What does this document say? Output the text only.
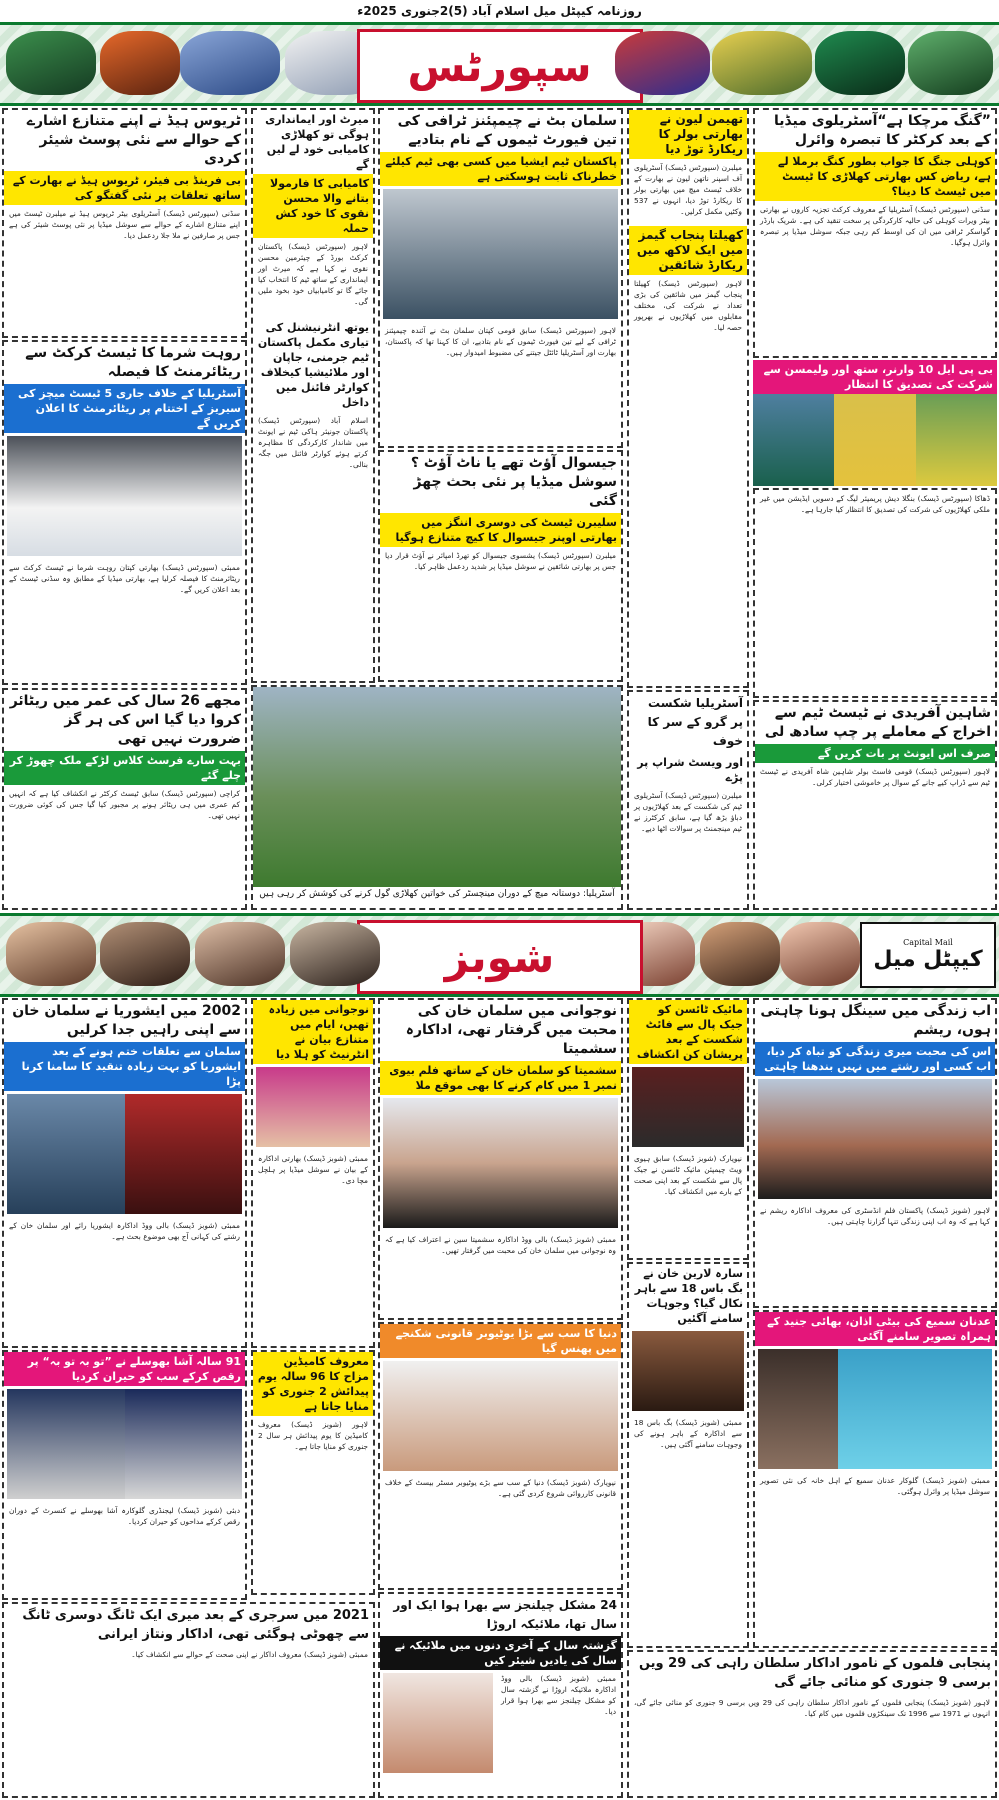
روزنامہ کیپٹل میل اسلام آباد (5)2جنوری 2025ء
سپورٹس
”گنگ مرچکا ہے“آسٹریلوی میڈیا کے بعد کرکٹر کا تبصرہ وائرل
کوہلی جنگ کا جواب بطور کنگ برملا لے ہے، ریاض کس بھارتی کھلاڑی کا ٹیسٹ میں ٹیسٹ کا دینا؟
سڈنی (سپورٹس ڈیسک) آسٹریلیا کے معروف کرکٹ تجزیہ کاروں نے بھارتی بیٹر ویرات کوہلی کی حالیہ کارکردگی پر سخت تنقید کی ہے۔ شریک بارڈر گواسکر ٹرافی میں ان کی اوسط کم رہی جبکہ سوشل میڈیا پر تبصرہ وائرل ہوگیا۔
بی پی ایل 10 وارنر، ستھ اور ولیمسن سے شرکت کی تصدیق کا انتظار
ڈھاکا (سپورٹس ڈیسک) بنگلا دیش پریمیئر لیگ کے دسویں ایڈیشن میں غیر ملکی کھلاڑیوں کی شرکت کی تصدیق کا انتظار کیا جارہا ہے۔
شاہین آفریدی نے ٹیسٹ ٹیم سے اخراج کے معاملے پر چپ سادھ لی
صرف اس ایونٹ پر بات کریں گے
لاہور (سپورٹس ڈیسک) قومی فاسٹ بولر شاہین شاہ آفریدی نے ٹیسٹ ٹیم سے ڈراپ کیے جانے کے سوال پر خاموشی اختیار کرلی۔
تھیمن لیون نے بھارتی بولر کا ریکارڈ توڑ دیا
میلبرن (سپورٹس ڈیسک) آسٹریلوی آف اسپنر ناتھن لیون نے بھارت کے خلاف ٹیسٹ میچ میں بھارتی بولر کا ریکارڈ توڑ دیا، انہوں نے 537 وکٹیں مکمل کرلیں۔
کھیلتا پنجاب گیمز میں ایک لاکھ میں ریکارڈ شائقین
لاہور (سپورٹس ڈیسک) کھیلتا پنجاب گیمز میں شائقین کی بڑی تعداد نے شرکت کی، مختلف مقابلوں میں کھلاڑیوں نے بھرپور حصہ لیا۔
آسٹریلیا شکست پر گرو کے سر کا خوف
اور ویسٹ شراپ پر پڑے
میلبرن (سپورٹس ڈیسک) آسٹریلوی ٹیم کی شکست کے بعد کھلاڑیوں پر دباؤ بڑھ گیا ہے، سابق کرکٹرز نے ٹیم مینجمنٹ پر سوالات اٹھا دیے۔
سلمان بٹ نے چیمپئنز ٹرافی کی تین فیورٹ ٹیموں کے نام بتادیے
پاکستان ٹیم ایشیا میں کسی بھی ٹیم کیلئے خطرناک ثابت ہوسکتی ہے
لاہور (سپورٹس ڈیسک) سابق قومی کپتان سلمان بٹ نے آئندہ چیمپئنز ٹرافی کے لیے تین فیورٹ ٹیموں کے نام بتادیے، ان کا کہنا تھا کہ پاکستان، بھارت اور آسٹریلیا ٹائٹل جیتنے کی مضبوط امیدوار ہیں۔
جیسوال آؤٹ تھے یا ناٹ آؤٹ ؟ سوشل میڈیا پر نئی بحث چھڑ گئی
سلیبرن ٹیسٹ کی دوسری اننگز میں بھارتی اوپنر جیسوال کا کیچ متنازع ہوگیا
میلبرن (سپورٹس ڈیسک) یشسوی جیسوال کو تھرڈ امپائر نے آؤٹ قرار دیا جس پر بھارتی شائقین نے سوشل میڈیا پر شدید ردعمل ظاہر کیا۔
میرٹ اور ایمانداری ہوگی تو کھلاڑی کامیابی خود لے لیں گے
کامیابی کا فارمولا بتانے والا محسن نقوی کا خود کش حملہ
لاہور (سپورٹس ڈیسک) پاکستان کرکٹ بورڈ کے چیئرمین محسن نقوی نے کہا ہے کہ میرٹ اور ایمانداری کے ساتھ ٹیم کا انتخاب کیا جائے گا تو کامیابیاں خود بخود ملیں گی۔
یوتھ انٹرنیشنل کی تیاری مکمل پاکستان ٹیم جرمنی، جاپان اور ملائیشیا کیخلاف کوارٹر فائنل میں داخل
اسلام آباد (سپورٹس ڈیسک) پاکستان جونیئر ہاکی ٹیم نے ایونٹ میں شاندار کارکردگی کا مظاہرہ کرتے ہوئے کوارٹر فائنل میں جگہ بنالی۔
ٹریوس ہیڈ نے اپنے متنازع اشارے کے حوالے سے نئی پوسٹ شیئر کردی
بی فرینڈ بی فیئر، ٹریوس ہیڈ نے بھارت کے ساتھ تعلقات پر نئی گفتگو کی
سڈنی (سپورٹس ڈیسک) آسٹریلوی بیٹر ٹریوس ہیڈ نے میلبرن ٹیسٹ میں اپنے متنازع اشارے کے حوالے سے سوشل میڈیا پر نئی پوسٹ شیئر کی ہے جس پر صارفین نے ملا جلا ردعمل دیا۔
روہت شرما کا ٹیسٹ کرکٹ سے ریٹائرمنٹ کا فیصلہ
آسٹریلیا کے خلاف جاری 5 ٹیسٹ میچز کی سیریز کے اختتام پر ریٹائرمنٹ کا اعلان کریں گے
ممبئی (سپورٹس ڈیسک) بھارتی کپتان روہت شرما نے ٹیسٹ کرکٹ سے ریٹائرمنٹ کا فیصلہ کرلیا ہے، بھارتی میڈیا کے مطابق وہ سڈنی ٹیسٹ کے بعد اعلان کریں گے۔
آسٹریلیا: دوستانہ میچ کے دوران مینچسٹر کی خواتین کھلاڑی گول کرنے کی کوشش کر رہی ہیں
مجھے 26 سال کی عمر میں ریٹائر کروا دیا گیا اس کی ہر گز ضرورت نہیں تھی
بہت سارے فرسٹ کلاس لڑکے ملک چھوڑ کر چلے گئے
کراچی (سپورٹس ڈیسک) سابق ٹیسٹ کرکٹر نے انکشاف کیا ہے کہ انہیں کم عمری میں ہی ریٹائر ہونے پر مجبور کیا گیا جس کی کوئی ضرورت نہیں تھی۔
Capital Mail
کیپٹل میل
شوبز
اب زندگی میں سینگل ہونا چاہتی ہوں، ریشم
اس کی محبت میری زندگی کو تباہ کر دیا، اب کسی اور رشتے میں نہیں بندھنا چاہتی
لاہور (شوبز ڈیسک) پاکستان فلم انڈسٹری کی معروف اداکارہ ریشم نے کہا ہے کہ وہ اب اپنی زندگی تنہا گزارنا چاہتی ہیں۔
عدنان سمیع کی بیٹی اذان، بھائی جنید کے ہمراہ تصویر سامنے آگئی
ممبئی (شوبز ڈیسک) گلوکار عدنان سمیع کے اہل خانہ کی نئی تصویر سوشل میڈیا پر وائرل ہوگئی۔
مائیک ٹائسن کو جیک پال سے فائٹ شکست کے بعد پریشان کن انکشاف
نیویارک (شوبز ڈیسک) سابق ہیوی ویٹ چیمپئن مائیک ٹائسن نے جیک پال سے شکست کے بعد اپنی صحت کے بارے میں انکشاف کیا۔
سارہ لارین خان نے بگ باس 18 سے باہر نکال گیا؟ وجوہات سامنے آگئیں
ممبئی (شوبز ڈیسک) بگ باس 18 سے اداکارہ کے باہر ہونے کی وجوہات سامنے آگئی ہیں۔
نوجوانی میں سلمان خان کی محبت میں گرفتار تھی، اداکارہ سشمیتا
سشمیتا کو سلمان خان کے ساتھ فلم بیوی نمبر 1 میں کام کرنے کا بھی موقع ملا
ممبئی (شوبز ڈیسک) بالی ووڈ اداکارہ سشمیتا سین نے اعتراف کیا ہے کہ وہ نوجوانی میں سلمان خان کی محبت میں گرفتار تھیں۔
دنیا کا سب سے بڑا یوٹیوبر قانونی شکنجے میں پھنس گیا
نیویارک (شوبز ڈیسک) دنیا کے سب سے بڑے یوٹیوبر مسٹر بیسٹ کے خلاف قانونی کارروائی شروع کردی گئی ہے۔
نوجوانی میں زیادہ تھیں، ایام میں متنازع بیان نے انٹرنیٹ کو ہلا دیا
ممبئی (شوبز ڈیسک) بھارتی اداکارہ کے بیان نے سوشل میڈیا پر ہلچل مچا دی۔
معروف کامیڈین مزاح کا 96 سالہ یوم پیدائش 2 جنوری کو منایا جاتا ہے
لاہور (شوبز ڈیسک) معروف کامیڈین کا یوم پیدائش ہر سال 2 جنوری کو منایا جاتا ہے۔
2002 میں ایشوریا نے سلمان خان سے اپنی راہیں جدا کرلیں
سلمان سے تعلقات ختم ہونے کے بعد ایشوریا کو بہت زیادہ تنقید کا سامنا کرنا پڑا
ممبئی (شوبز ڈیسک) بالی ووڈ اداکارہ ایشوریا رائے اور سلمان خان کے رشتے کی کہانی آج بھی موضوع بحث ہے۔
91 سالہ آشا بھوسلے نے ”تو بہ تو بہ“ پر رقص کرکے سب کو حیران کردیا
دبئی (شوبز ڈیسک) لیجنڈری گلوکارہ آشا بھوسلے نے کنسرٹ کے دوران رقص کرکے مداحوں کو حیران کردیا۔
24 مشکل چیلنجز سے بھرا ہوا ایک اور سال تھا، ملائیکہ اروڑا
گزشتہ سال کے آخری دنوں میں ملائیکہ نے سال کی یادیں شیئر کیں
ممبئی (شوبز ڈیسک) بالی ووڈ اداکارہ ملائیکہ اروڑا نے گزشتہ سال کو مشکل چیلنجز سے بھرا ہوا قرار دیا۔
2021 میں سرجری کے بعد میری ایک ٹانگ دوسری ٹانگ سے چھوٹی ہوگئی تھی، اداکار ونتاز ایرانی
ممبئی (شوبز ڈیسک) معروف اداکار نے اپنی صحت کے حوالے سے انکشاف کیا۔
پنجابی فلموں کے نامور اداکار سلطان راہی کی 29 ویں برسی 9 جنوری کو منائی جائے گی
لاہور (شوبز ڈیسک) پنجابی فلموں کے نامور اداکار سلطان راہی کی 29 ویں برسی 9 جنوری کو منائی جائے گی، انہوں نے 1971 سے 1996 تک سینکڑوں فلموں میں کام کیا۔
